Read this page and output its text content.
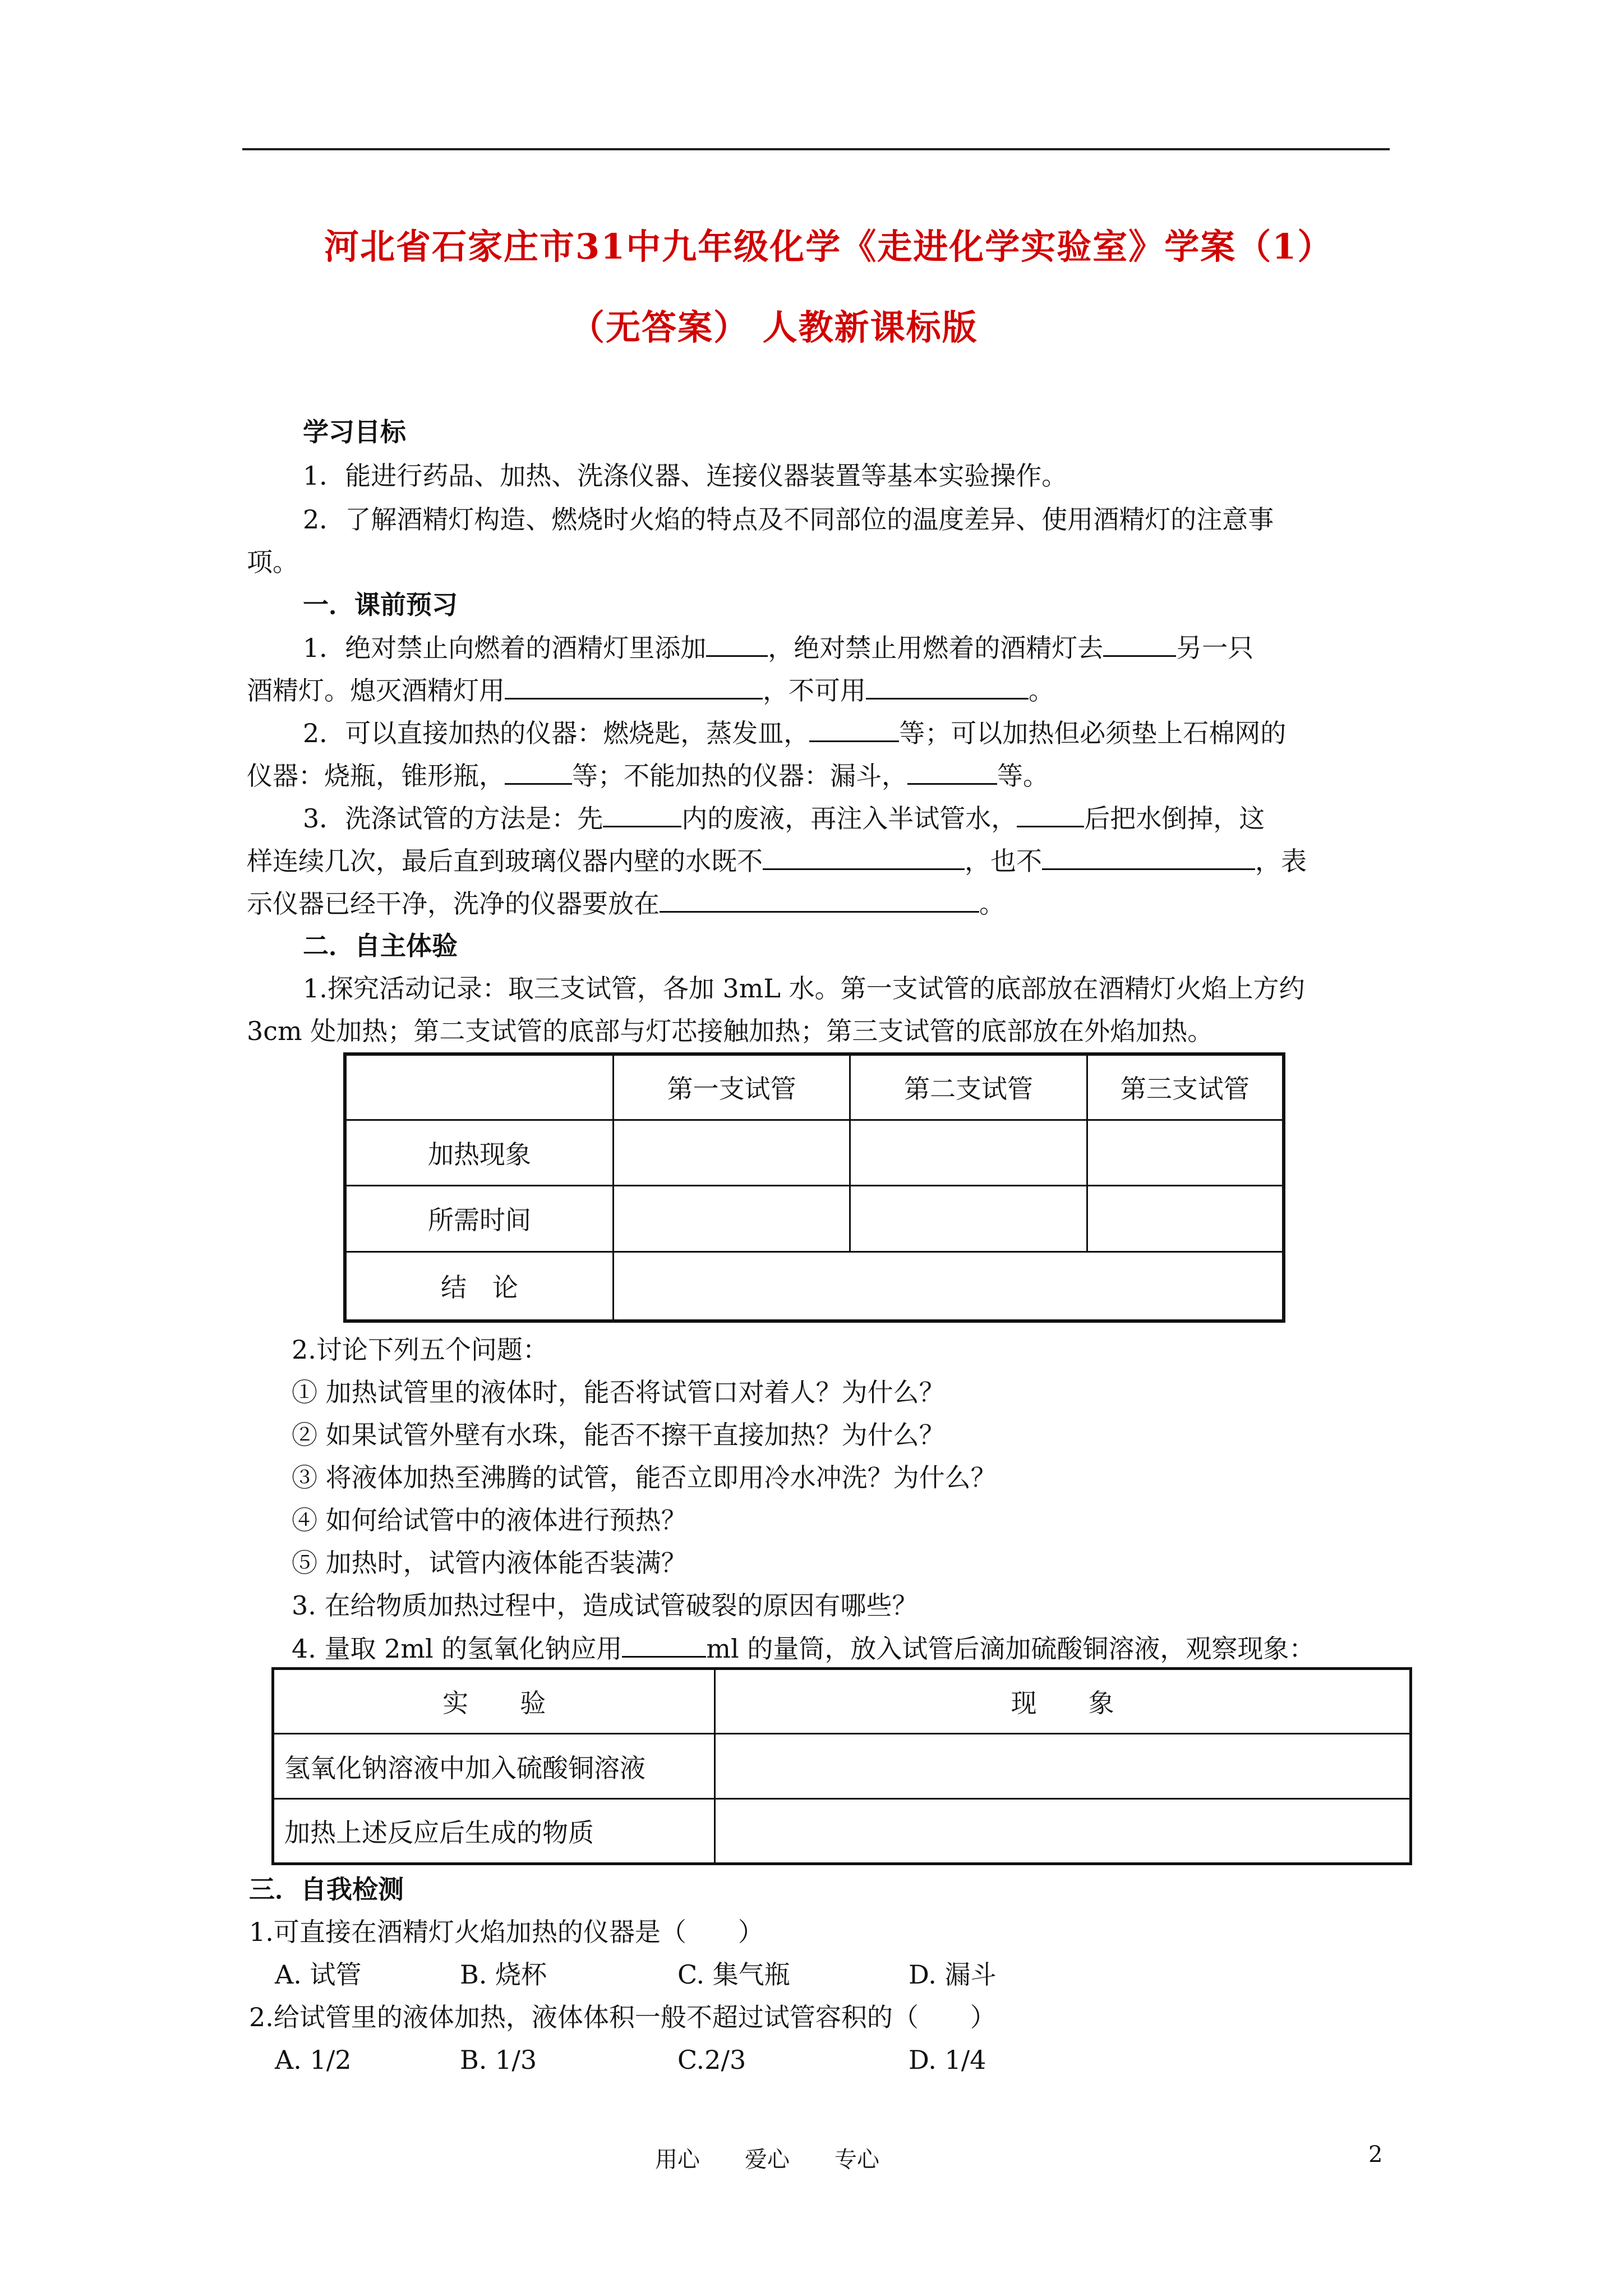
河北省石家庄市31中九年级化学《走进化学实验室》学案（1）
（无答案） 人教新课标版
学习目标
1．能进行药品、加热、洗涤仪器、连接仪器装置等基本实验操作。
2．了解酒精灯构造、燃烧时火焰的特点及不同部位的温度差异、使用酒精灯的注意事
项。
一．课前预习
1．绝对禁止向燃着的酒精灯里添加 ，绝对禁止用燃着的酒精灯去	另一只
酒精灯。熄灭酒精灯用	，不可用	。
2．可以直接加热的仪器：燃烧匙，蒸发皿，	等；可以加热但必须垫上石棉网的
仪器：烧瓶，锥形瓶，	等；不能加热的仪器：漏斗，	等。
3．洗涤试管的方法是：先	内的废液，再注入半试管水，	后把水倒掉，这
样连续几次，最后直到玻璃仪器内壁的水既不	，也不	，表
示仪器已经干净，洗净的仪器要放在	。
二．自主体验
1.探究活动记录：取三支试管，各加 3mL 水。第一支试管的底部放在酒精灯火焰上方约
3cm 处加热；第二支试管的底部与灯芯接触加热；第三支试管的底部放在外焰加热。
	第一支试管	第二支试管	第三支试管
加热现象			
所需时间			
结　论			
2.讨论下列五个问题：
① 加热试管里的液体时，能否将试管口对着人？为什么？
② 如果试管外壁有水珠，能否不擦干直接加热？为什么？
③ 将液体加热至沸腾的试管，能否立即用冷水冲洗？为什么？
④ 如何给试管中的液体进行预热？
⑤ 加热时，试管内液体能否装满？
3. 在给物质加热过程中，造成试管破裂的原因有哪些？
4. 量取 2ml 的氢氧化钠应用	ml 的量筒，放入试管后滴加硫酸铜溶液，观察现象：
实　　验	现　　象
氢氧化钠溶液中加入硫酸铜溶液	
加热上述反应后生成的物质	
三．自我检测
1.可直接在酒精灯火焰加热的仪器是（　　）
A. 试管	B. 烧杯	C. 集气瓶	D. 漏斗
2.给试管里的液体加热，液体体积一般不超过试管容积的（　　）
A. 1/2	B. 1/3	C.2/3	D. 1/4
用心　　爱心　　专心	2
